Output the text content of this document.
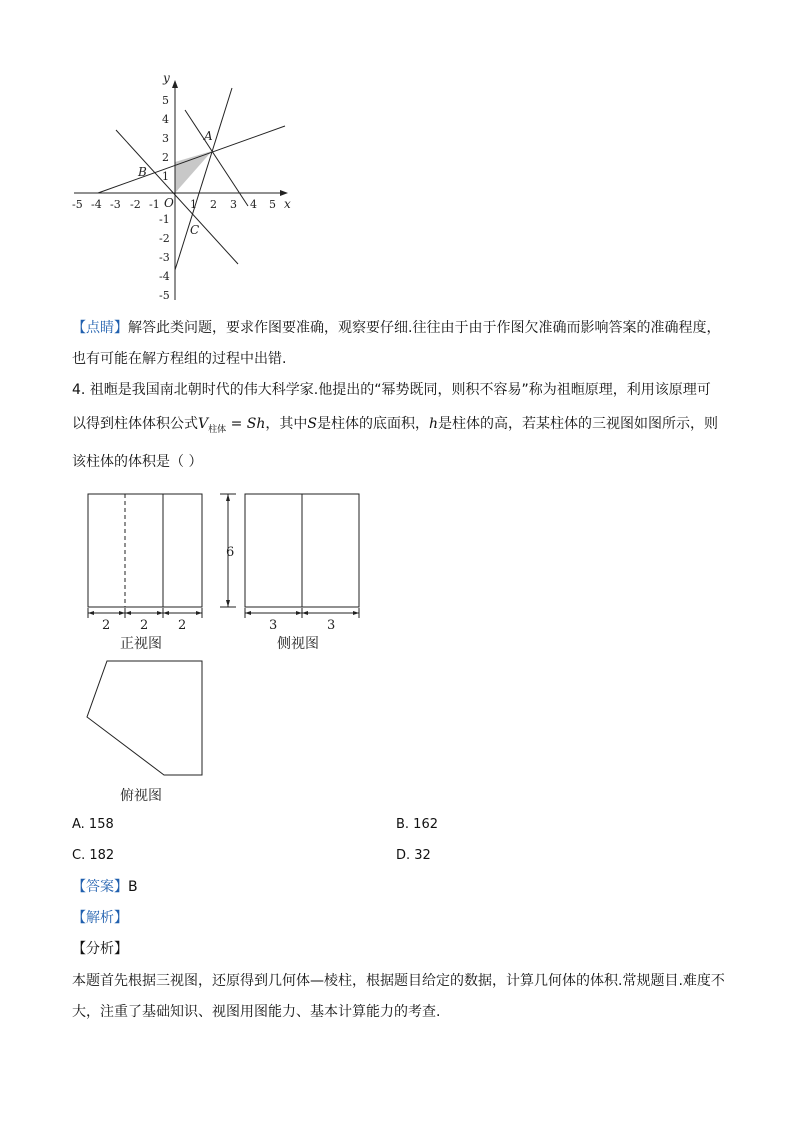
-5 -4 -3 -2 -1	1 2 3 4 5
5
4
3
2
1
-1
-2
-3
-4
-5
y
x
O
A
B
C
【点睛】解答此类问题，要求作图要准确，观察要仔细.往往由于由于作图欠准确而影响答案的准确程度，
也有可能在解方程组的过程中出错.
4. 祖暅是我国南北朝时代的伟大科学家.他提出的“幂势既同，则积不容易”称为祖暅原理，利用该原理可
以得到柱体体积公式$V_{柱体} = Sh$，其中S是柱体的底面积，h是柱体的高，若某柱体的三视图如图所示，则
该柱体的体积是（ ）
2 2 2
6
3	3
正视图	侧视图
俯视图
A. 158	B. 162
C. 182	D. 32
【答案】B
【解析】
【分析】
本题首先根据三视图，还原得到几何体—棱柱，根据题目给定的数据，计算几何体的体积.常规题目.难度不
大，注重了基础知识、视图用图能力、基本计算能力的考查.
